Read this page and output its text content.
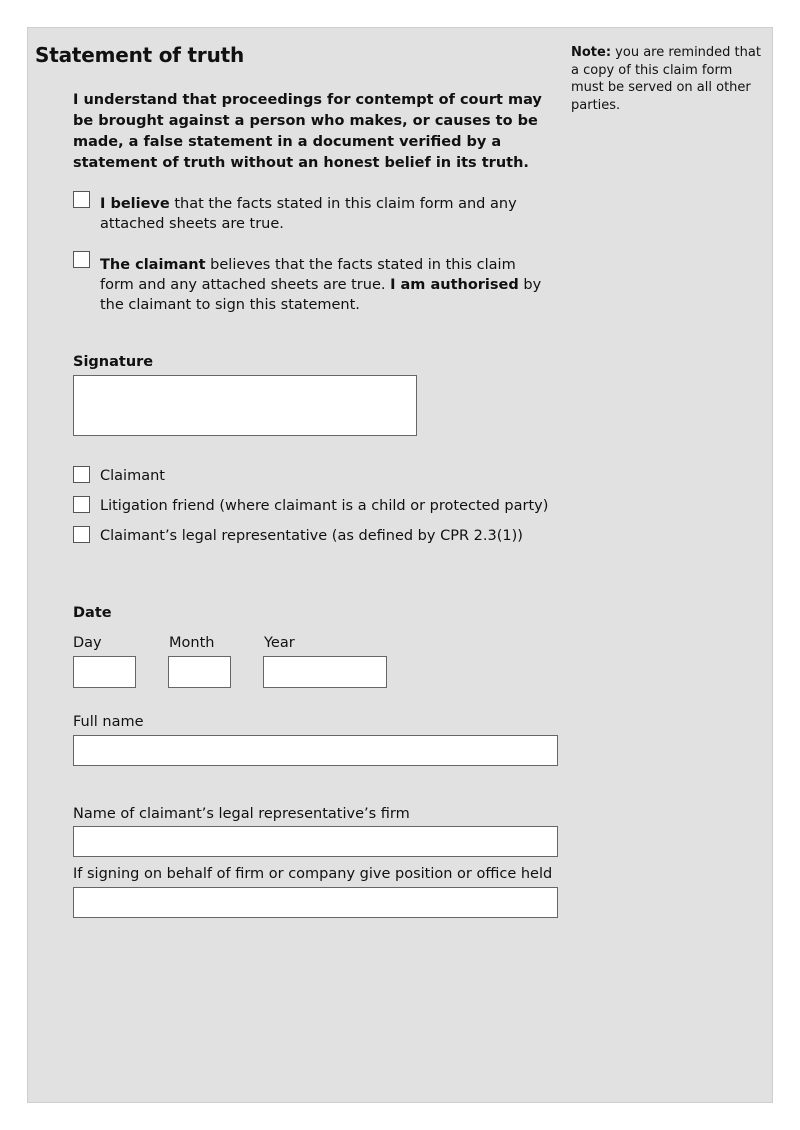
Statement of truth	Note: you are reminded that a copy of this claim form must be served on all other parties.
I understand that proceedings for contempt of court may be brought against a person who makes, or causes to be made, a false statement in a document verified by a statement of truth without an honest belief in its truth.
I believe that the facts stated in this claim form and any attached sheets are true.
The claimant believes that the facts stated in this claim form and any attached sheets are true. I am authorised by the claimant to sign this statement.
Signature
Claimant
Litigation friend (where claimant is a child or protected party)
Claimant’s legal representative (as defined by CPR 2.3(1))
Date
Day	Month	Year
Full name
Name of claimant’s legal representative’s firm
If signing on behalf of firm or company give position or office held
